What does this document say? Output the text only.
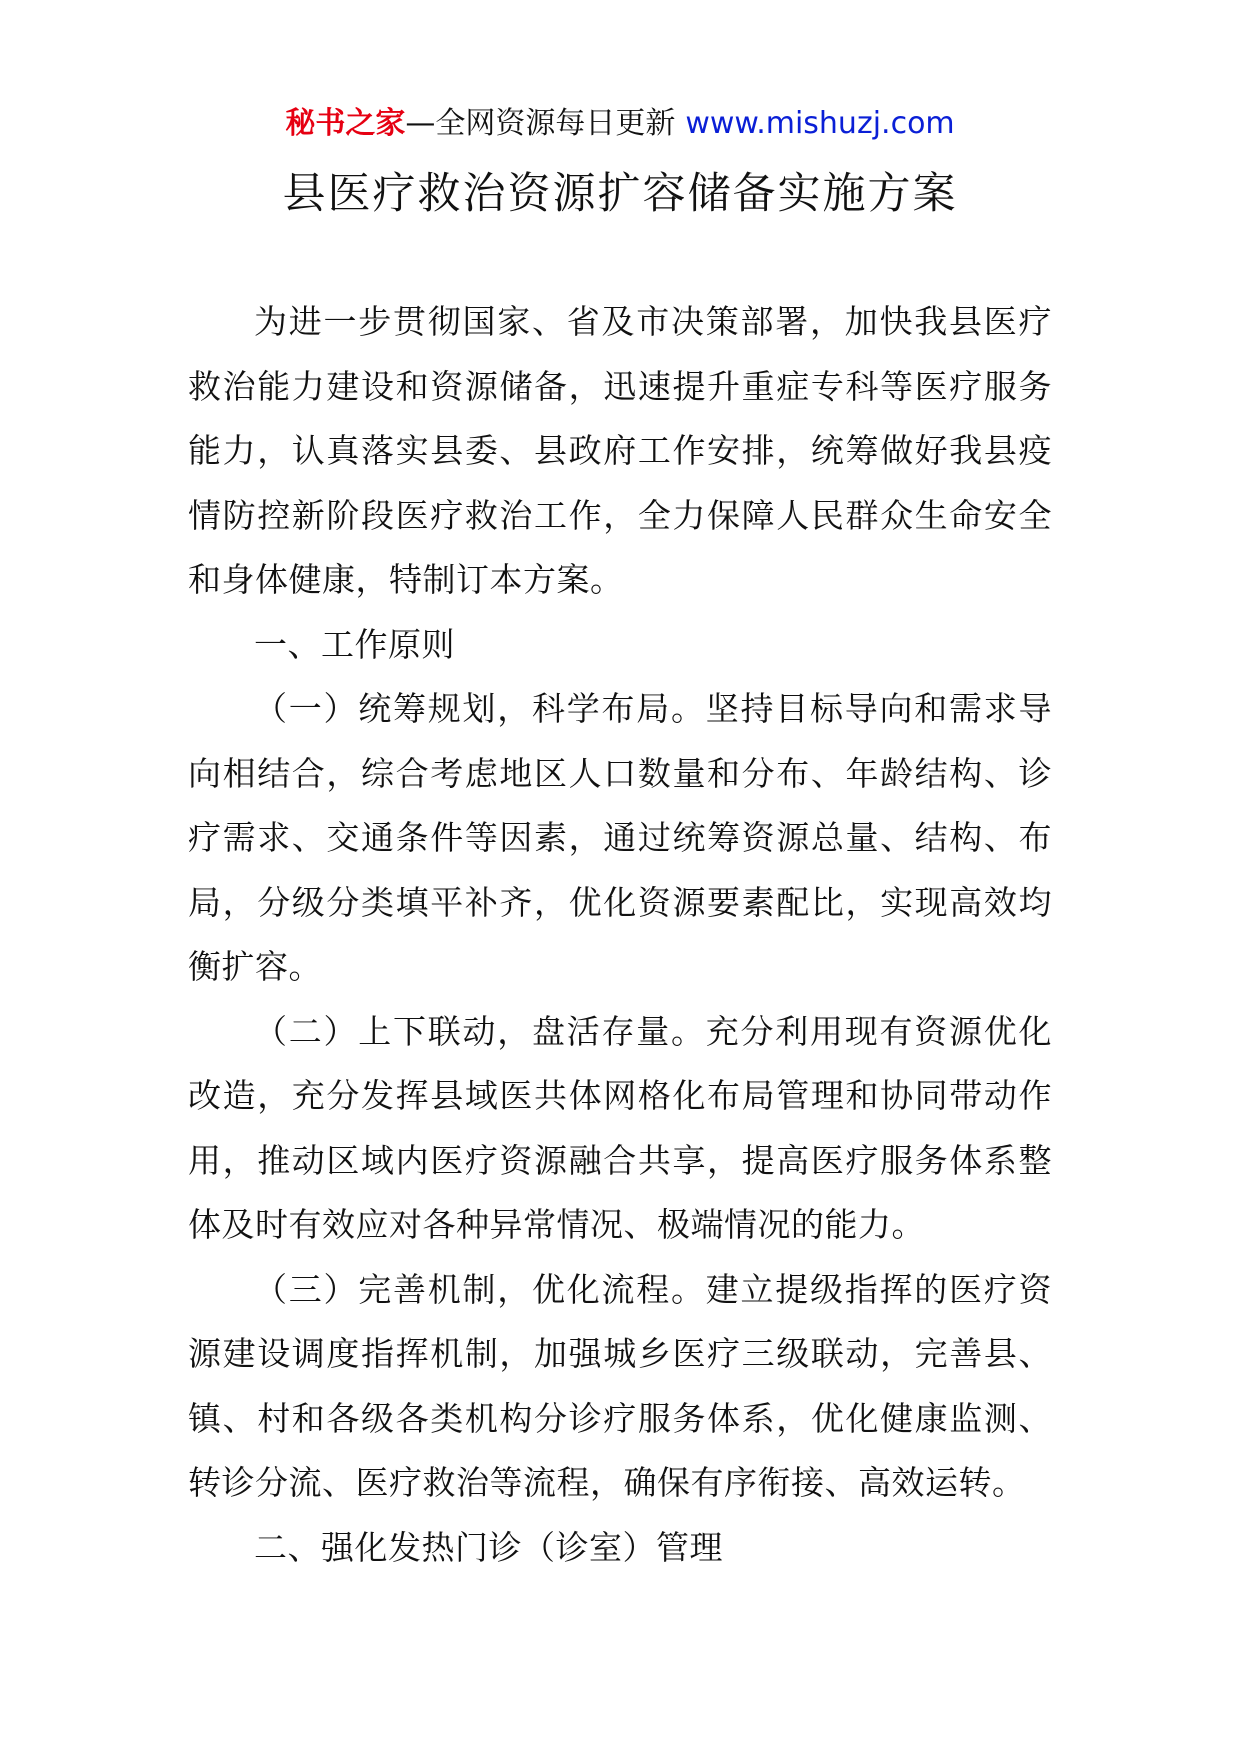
秘书之家—全网资源每日更新 www.mishuzj.com
县医疗救治资源扩容储备实施方案

为进一步贯彻国家、省及市决策部署，加快我县医疗救治能力建设和资源储备，迅速提升重症专科等医疗服务能力，认真落实县委、县政府工作安排，统筹做好我县疫情防控新阶段医疗救治工作，全力保障人民群众生命安全和身体健康，特制订本方案。

一、工作原则

（一）统筹规划，科学布局。坚持目标导向和需求导向相结合，综合考虑地区人口数量和分布、年龄结构、诊疗需求、交通条件等因素，通过统筹资源总量、结构、布局，分级分类填平补齐，优化资源要素配比，实现高效均衡扩容。

（二）上下联动，盘活存量。充分利用现有资源优化改造，充分发挥县域医共体网格化布局管理和协同带动作用，推动区域内医疗资源融合共享，提高医疗服务体系整体及时有效应对各种异常情况、极端情况的能力。

（三）完善机制，优化流程。建立提级指挥的医疗资源建设调度指挥机制，加强城乡医疗三级联动，完善县、镇、村和各级各类机构分诊疗服务体系，优化健康监测、转诊分流、医疗救治等流程，确保有序衔接、高效运转。

二、强化发热门诊（诊室）管理
